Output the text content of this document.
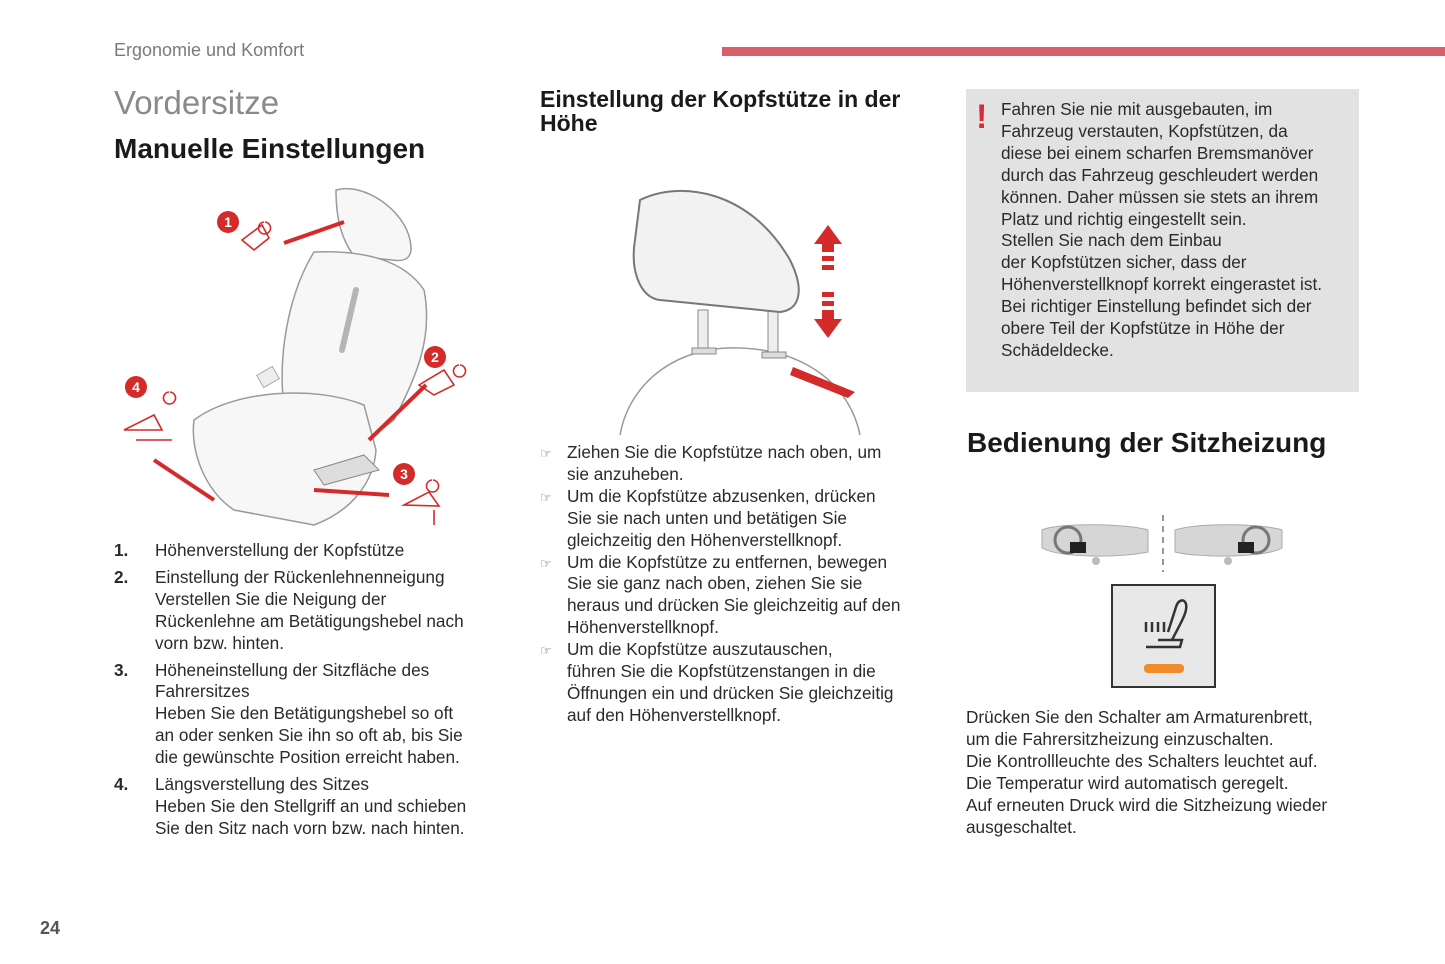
Ergonomie und Komfort
Vordersitze
Manuelle Einstellungen
1
2
3
4
1. Höhenverstellung der Kopfstütze
2. Einstellung der Rückenlehnenneigung
Verstellen Sie die Neigung der
Rückenlehne am Betätigungshebel nach
vorn bzw. hinten.
3. Höheneinstellung der Sitzfläche des
Fahrersitzes
Heben Sie den Betätigungshebel so oft
an oder senken Sie ihn so oft ab, bis Sie
die gewünschte Position erreicht haben.
4. Längsverstellung des Sitzes
Heben Sie den Stellgriff an und schieben
Sie den Sitz nach vorn bzw. nach hinten.
Einstellung der Kopfstütze in der Höhe
☞ Ziehen Sie die Kopfstütze nach oben, um
sie anzuheben.
☞ Um die Kopfstütze abzusenken, drücken
Sie sie nach unten und betätigen Sie
gleichzeitig den Höhenverstellknopf.
☞ Um die Kopfstütze zu entfernen, bewegen
Sie sie ganz nach oben, ziehen Sie sie
heraus und drücken Sie gleichzeitig auf den
Höhenverstellknopf.
☞ Um die Kopfstütze auszutauschen,
führen Sie die Kopfstützenstangen in die
Öffnungen ein und drücken Sie gleichzeitig
auf den Höhenverstellknopf.
! Fahren Sie nie mit ausgebauten, im

Fahrzeug verstauten, Kopfstützen, da

diese bei einem scharfen Bremsmanöver

durch das Fahrzeug geschleudert werden

können. Daher müssen sie stets an ihrem

Platz und richtig eingestellt sein.

Stellen Sie nach dem Einbau

der Kopfstützen sicher, dass der

Höhenverstellknopf korrekt eingerastet ist.

Bei richtiger Einstellung befindet sich der

obere Teil der Kopfstütze in Höhe der

Schädeldecke.

Bedienung der Sitzheizung
Drücken Sie den Schalter am Armaturenbrett,
um die Fahrersitzheizung einzuschalten.
Die Kontrollleuchte des Schalters leuchtet auf.
Die Temperatur wird automatisch geregelt.
Auf erneuten Druck wird die Sitzheizung wieder
ausgeschaltet.
24
